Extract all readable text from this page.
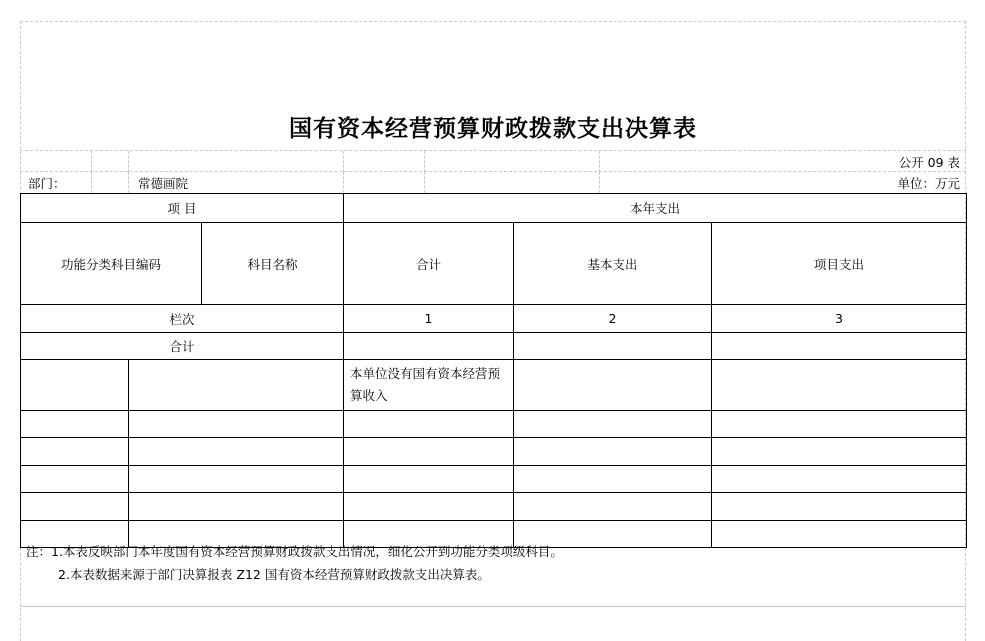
国有资本经营预算财政拨款支出决算表
公开 09 表
部门：	常德画院	单位：万元
项 目			本年支出		
功能分类科目编码		科目名称	合计	基本支出	项目支出
栏次			1	2	3
合计					
			本单位没有国有资本经营预算收入		

注：1.本表反映部门本年度国有资本经营预算财政拨款支出情况，细化公开到功能分类项级科目。
2.本表数据来源于部门决算报表 Z12 国有资本经营预算财政拨款支出决算表。
